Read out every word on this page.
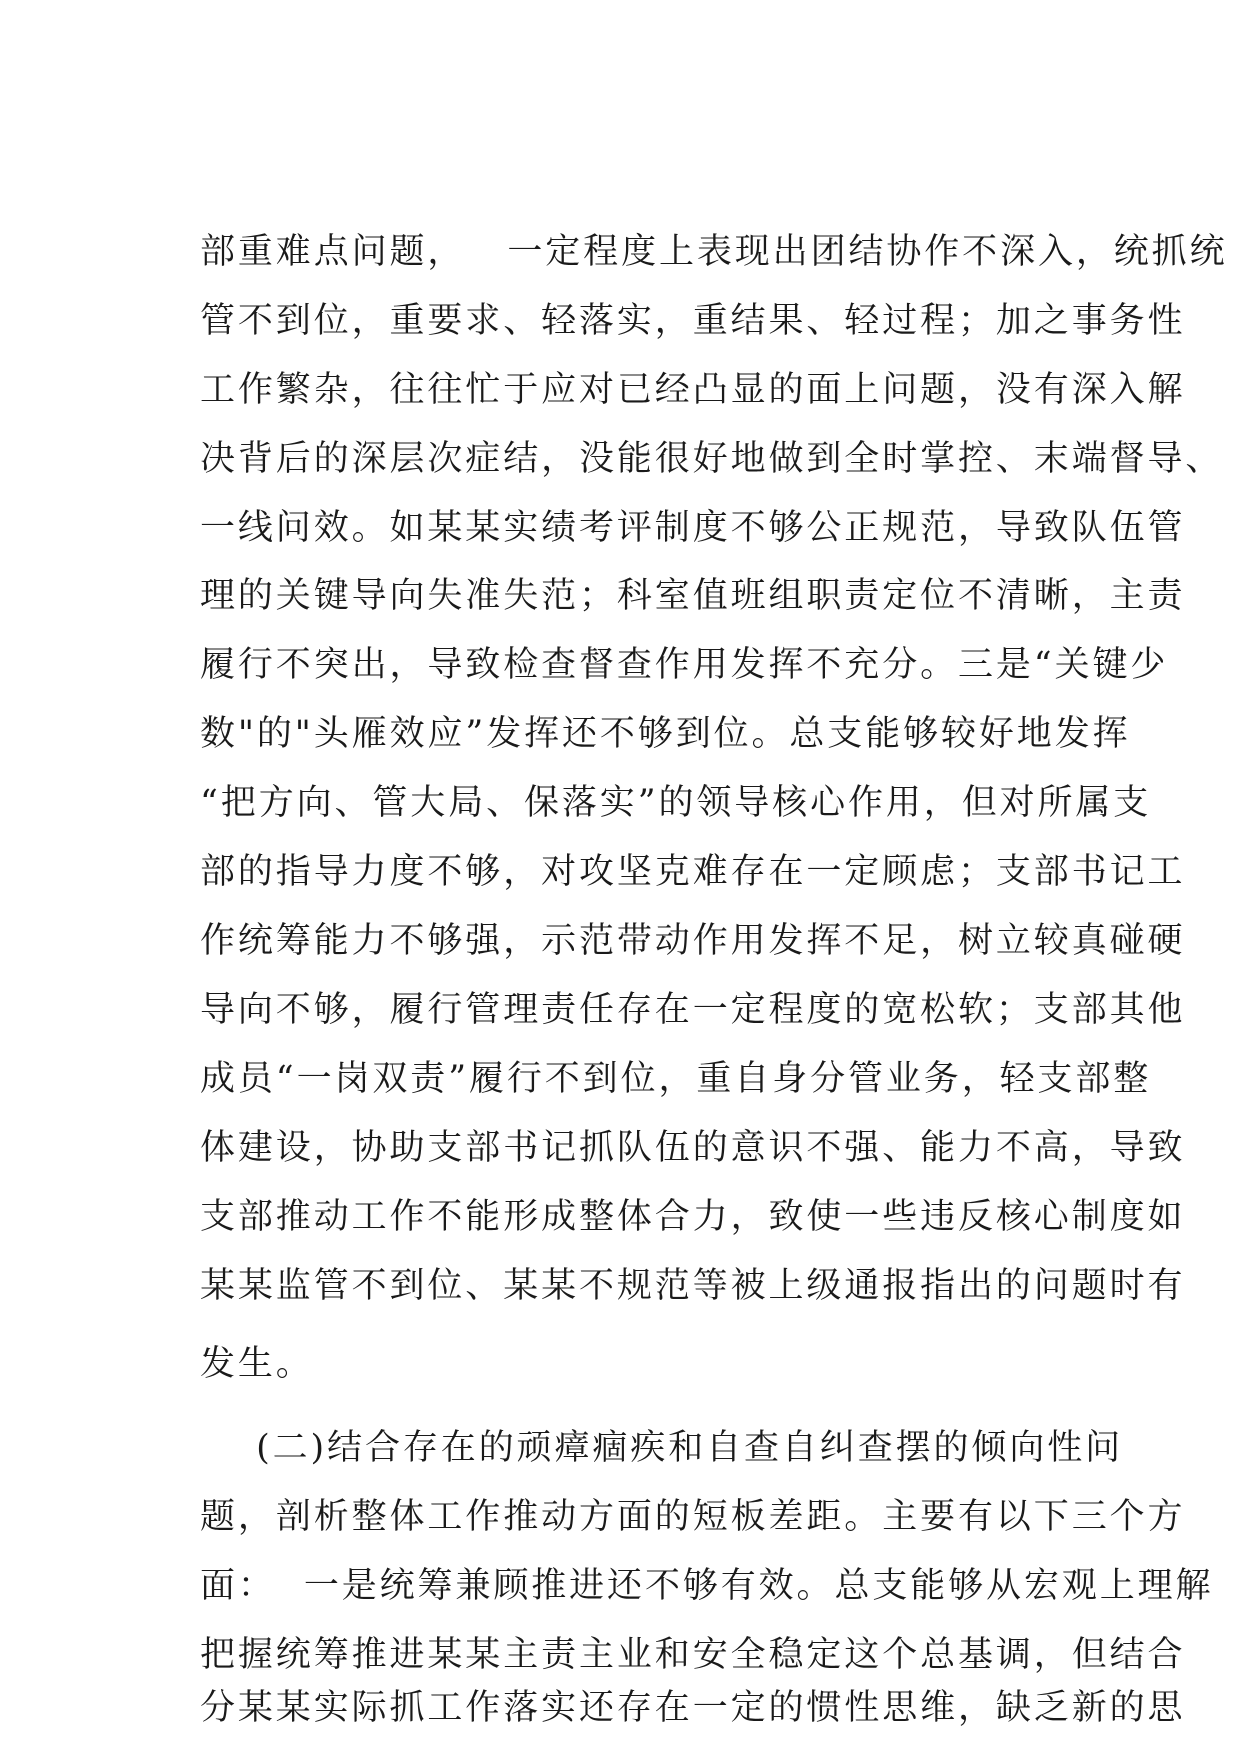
部重难点问题，   一定程度上表现出团结协作不深入，统抓统
管不到位，重要求、轻落实，重结果、轻过程；加之事务性
工作繁杂，往往忙于应对已经凸显的面上问题，没有深入解
决背后的深层次症结，没能很好地做到全时掌控、末端督导、
一线问效。如某某实绩考评制度不够公正规范，导致队伍管
理的关键导向失准失范；科室值班组职责定位不清晰，主责
履行不突出，导致检查督查作用发挥不充分。三是“关键少
数"的"头雁效应”发挥还不够到位。总支能够较好地发挥
“把方向、管大局、保落实”的领导核心作用，但对所属支
部的指导力度不够，对攻坚克难存在一定顾虑；支部书记工
作统筹能力不够强，示范带动作用发挥不足，树立较真碰硬
导向不够，履行管理责任存在一定程度的宽松软；支部其他
成员“一岗双责”履行不到位，重自身分管业务，轻支部整
体建设，协助支部书记抓队伍的意识不强、能力不高，导致
支部推动工作不能形成整体合力，致使一些违反核心制度如
某某监管不到位、某某不规范等被上级通报指出的问题时有
发生。
(二)结合存在的顽瘴痼疾和自查自纠查摆的倾向性问
题，剖析整体工作推动方面的短板差距。主要有以下三个方
面：  一是统筹兼顾推进还不够有效。总支能够从宏观上理解
把握统筹推进某某主责主业和安全稳定这个总基调，但结合
分某某实际抓工作落实还存在一定的惯性思维，缺乏新的思
